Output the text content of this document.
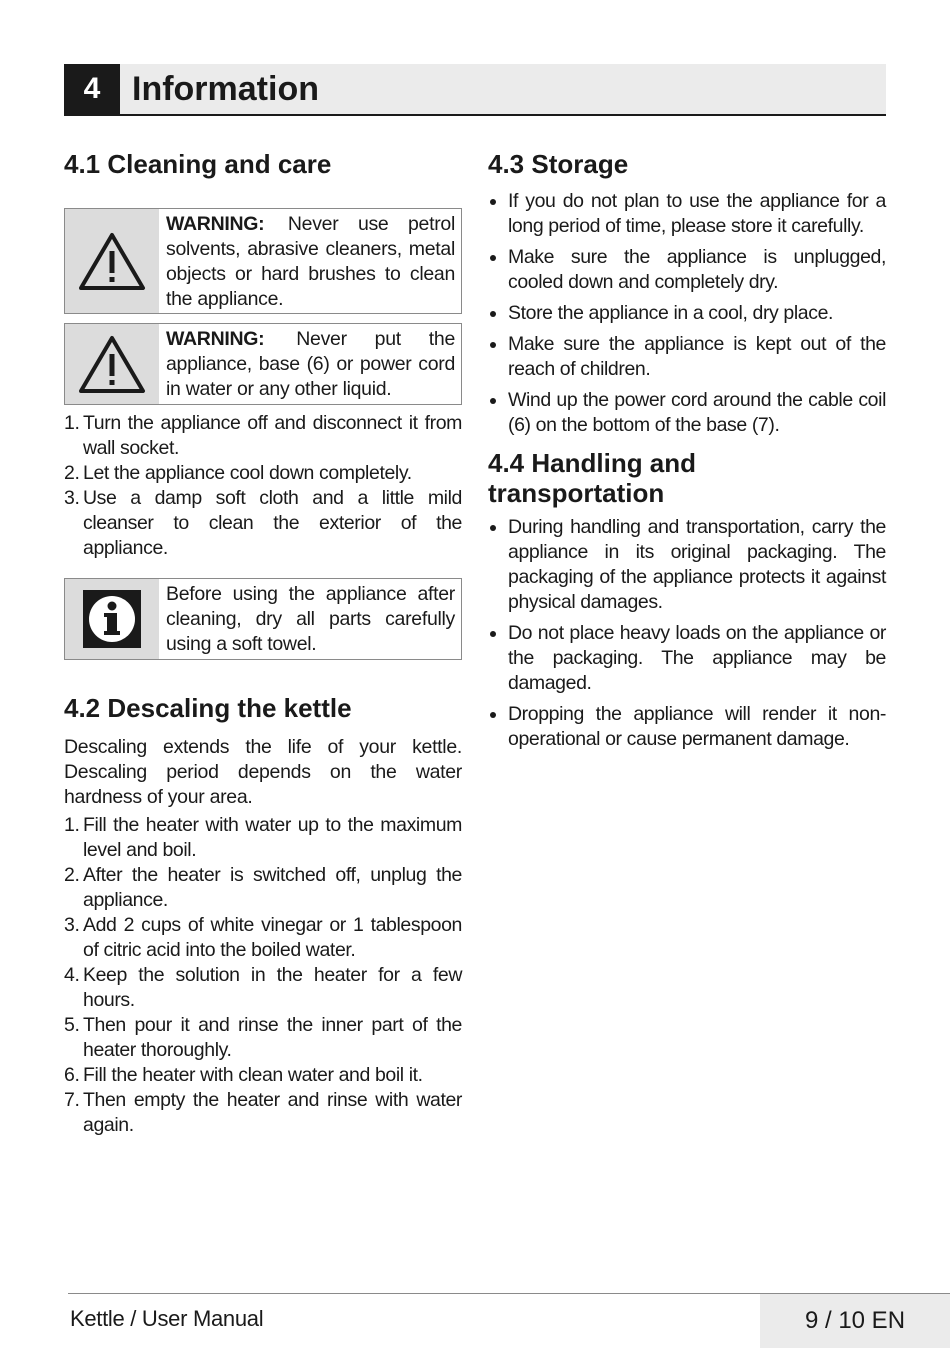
4 Information
4.1 Cleaning and care
WARNING: Never use petrol solvents, abrasive cleaners, metal objects or hard brushes to clean the appliance.
WARNING: Never put the appliance, base (6) or power cord in water or any other liquid.
1. Turn the appliance off and disconnect it from wall socket.
2. Let the appliance cool down completely.
3. Use a damp soft cloth and a little mild cleanser to clean the exterior of the appliance.
Before using the appliance after cleaning, dry all parts carefully using a soft towel.
4.2 Descaling the kettle

Descaling extends the life of your kettle. Descaling period depends on the water hardness of your area.

1. Fill the heater with water up to the maximum level and boil.
2. After the heater is switched off, unplug the appliance.
3. Add 2 cups of white vinegar or 1 tablespoon of citric acid into the boiled water.
4. Keep the solution in the heater for a few hours.
5. Then pour it and rinse the inner part of the heater thoroughly.
6. Fill the heater with clean water and boil it.
7. Then empty the heater and rinse with water again.
4.3 Storage
If you do not plan to use the appliance for a long period of time, please store it carefully.
Make sure the appliance is unplugged, cooled down and completely dry.
Store the appliance in a cool, dry place.
Make sure the appliance is kept out of the reach of children.
Wind up the power cord around the cable coil (6) on the bottom of the base (7).
4.4 Handling and
transportation
During handling and transportation, carry the appliance in its original packaging. The packaging of the appliance protects it against physical damages.
Do not place heavy loads on the appliance or the packaging. The appliance may be damaged.
Dropping the appliance will render it non-operational or cause permanent damage.
Kettle / User Manual	9 / 10 EN
